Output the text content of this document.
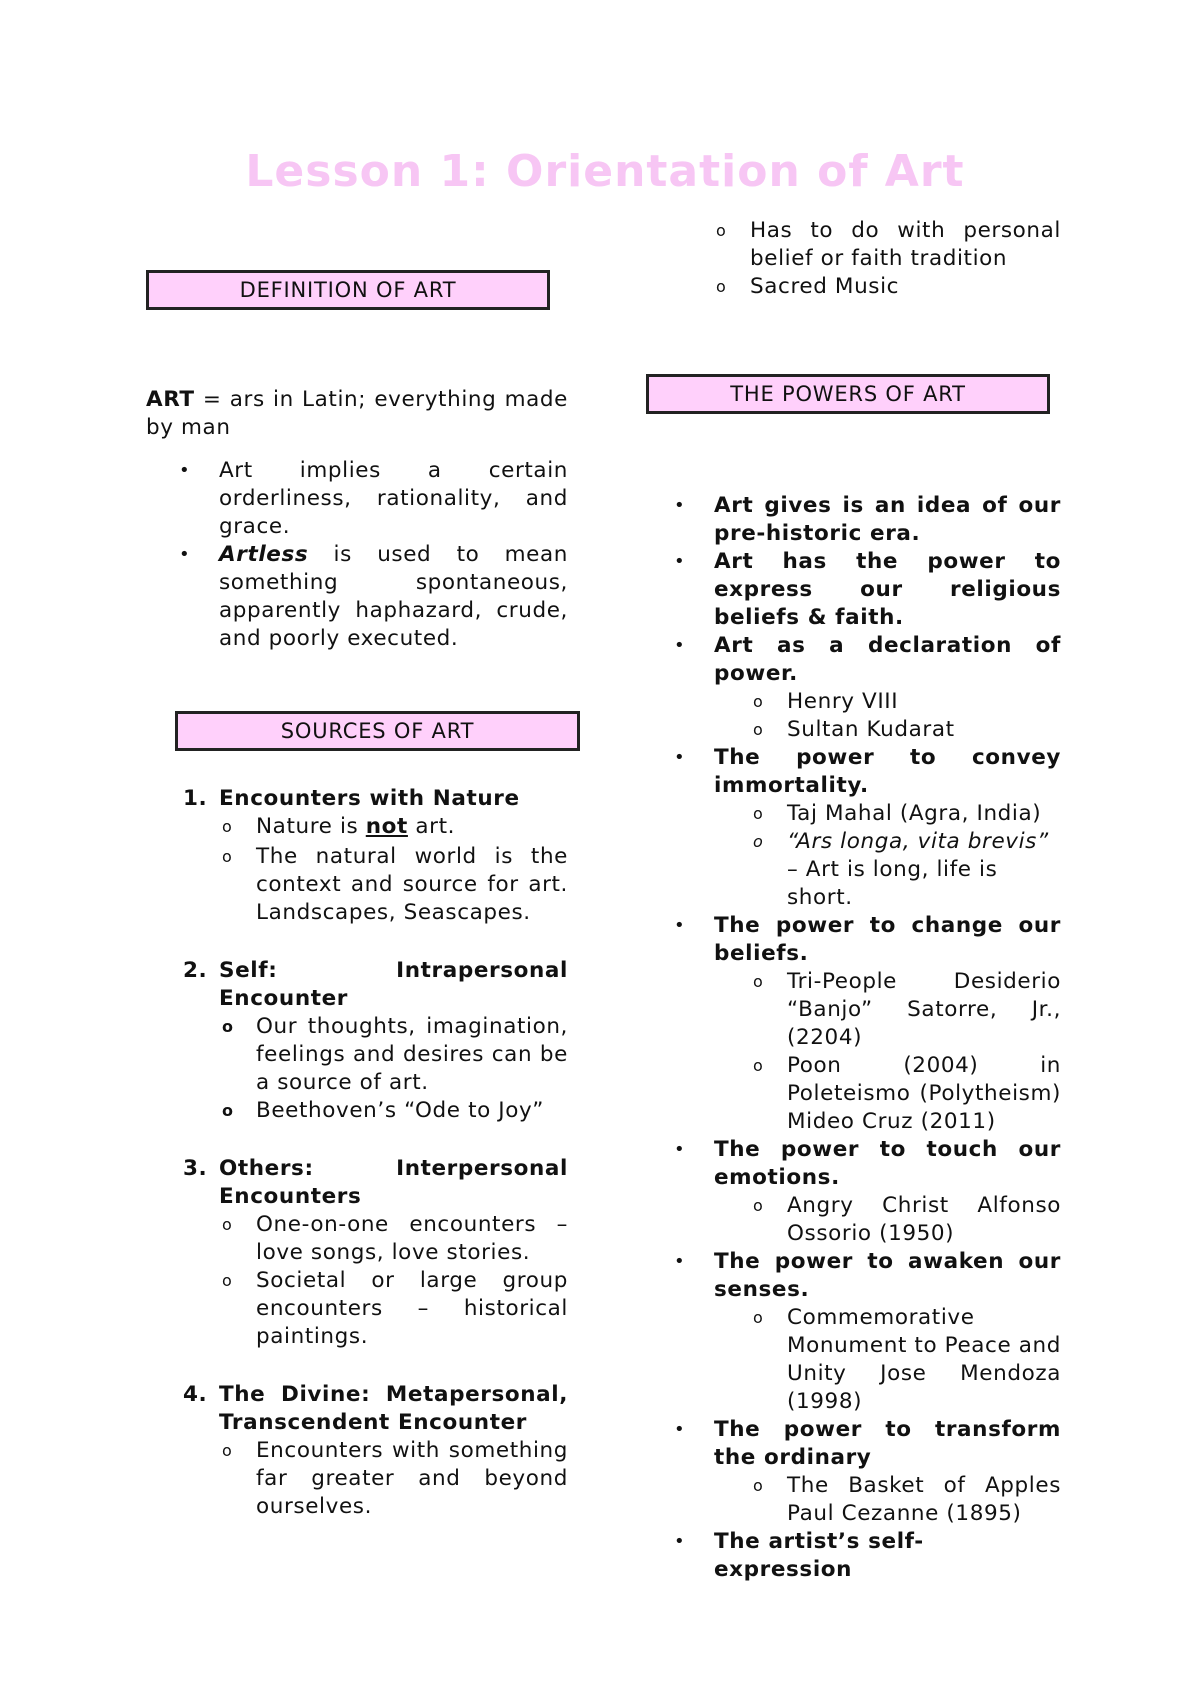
Lesson 1: Orientation of Art
DEFINITION OF ART

ART = ars in Latin; everything made by man

• Art implies a certain orderliness, rationality, and grace.
• Artless is used to mean something spontaneous, apparently haphazard, crude, and poorly executed.
SOURCES OF ART
1. Encounters with Nature

o Nature is not art.
o The natural world is the context and source for art. Landscapes, Seascapes.
2. Self: Intrapersonal Encounter

o Our thoughts, imagination, feelings and desires can be a source of art.
o Beethoven’s “Ode to Joy”
3. Others: Interpersonal Encounters

o One-on-one encounters – love songs, love stories.
o Societal or large group encounters – historical paintings.
4. The Divine: Metapersonal, Transcendent Encounter

o Encounters with something far greater and beyond ourselves.
o Has to do with personal belief or faith tradition
o Sacred Music
THE POWERS OF ART
• Art gives is an idea of our pre-historic era.

• Art has the power to express our religious beliefs & faith.

• Art as a declaration of power.

o Henry VIII
o Sultan Kudarat
• The power to convey immortality.

o Taj Mahal (Agra, India)
o “Ars longa, vita brevis” – Art is long, life is short.
• The power to change our beliefs.

o Tri-People Desiderio “Banjo” Satorre, Jr., (2204)
o Poon (2004) in Poleteismo (Polytheism) Mideo Cruz (2011)
• The power to touch our emotions.

o Angry Christ Alfonso Ossorio (1950)
• The power to awaken our senses.

o Commemorative Monument to Peace and Unity Jose Mendoza (1998)
• The power to transform the ordinary

o The Basket of Apples Paul Cezanne (1895)
• The artist’s self-expression
